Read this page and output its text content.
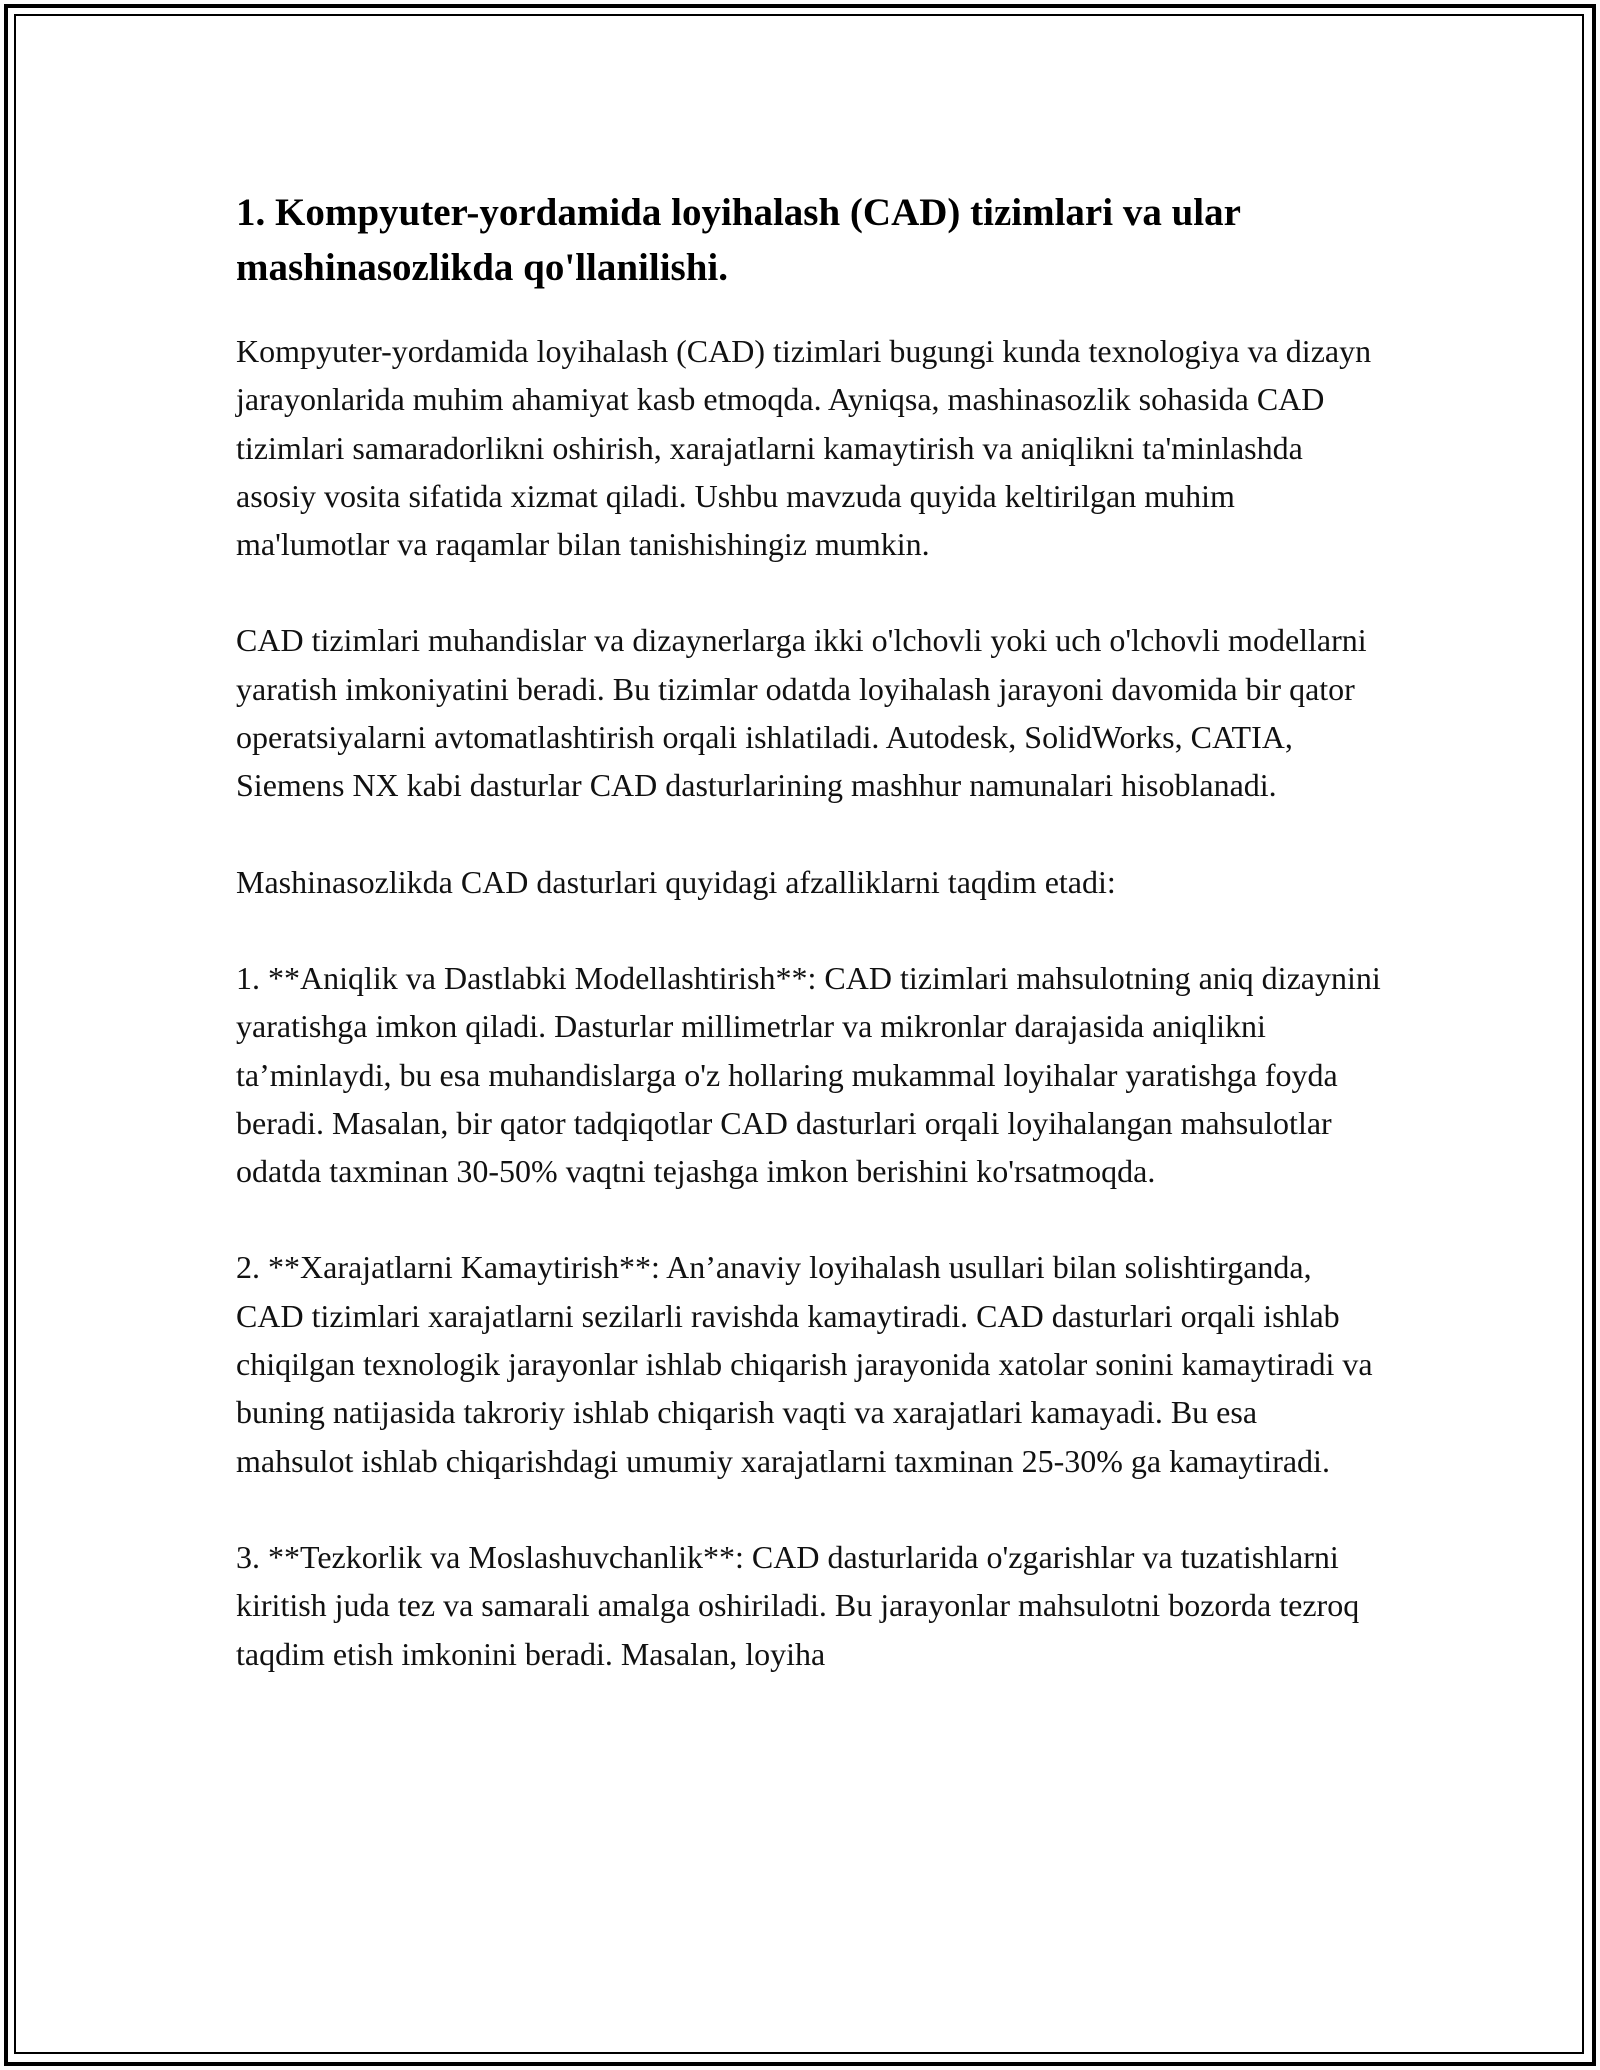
1. Kompyuter-yordamida loyihalash (CAD) tizimlari va ular mashinasozlikda qo'llanilishi.

Kompyuter-yordamida loyihalash (CAD) tizimlari bugungi kunda texnologiya va dizayn jarayonlarida muhim ahamiyat kasb etmoqda. Ayniqsa, mashinasozlik sohasida CAD tizimlari samaradorlikni oshirish, xarajatlarni kamaytirish va aniqlikni ta'minlashda asosiy vosita sifatida xizmat qiladi. Ushbu mavzuda quyida keltirilgan muhim ma'lumotlar va raqamlar bilan tanishishingiz mumkin.

CAD tizimlari muhandislar va dizaynerlarga ikki o'lchovli yoki uch o'lchovli modellarni yaratish imkoniyatini beradi. Bu tizimlar odatda loyihalash jarayoni davomida bir qator operatsiyalarni avtomatlashtirish orqali ishlatiladi. Autodesk, SolidWorks, CATIA, Siemens NX kabi dasturlar CAD dasturlarining mashhur namunalari hisoblanadi.

Mashinasozlikda CAD dasturlari quyidagi afzalliklarni taqdim etadi:

1. **Aniqlik va Dastlabki Modellashtirish**: CAD tizimlari mahsulotning aniq dizaynini yaratishga imkon qiladi. Dasturlar millimetrlar va mikronlar darajasida aniqlikni ta’minlaydi, bu esa muhandislarga o'z hollaring mukammal loyihalar yaratishga foyda beradi. Masalan, bir qator tadqiqotlar CAD dasturlari orqali loyihalangan mahsulotlar odatda taxminan 30-50% vaqtni tejashga imkon berishini ko'rsatmoqda.

2. **Xarajatlarni Kamaytirish**: An’anaviy loyihalash usullari bilan solishtirganda, CAD tizimlari xarajatlarni sezilarli ravishda kamaytiradi. CAD dasturlari orqali ishlab chiqilgan texnologik jarayonlar ishlab chiqarish jarayonida xatolar sonini kamaytiradi va buning natijasida takroriy ishlab chiqarish vaqti va xarajatlari kamayadi. Bu esa mahsulot ishlab chiqarishdagi umumiy xarajatlarni taxminan 25-30% ga kamaytiradi.

3. **Tezkorlik va Moslashuvchanlik**: CAD dasturlarida o'zgarishlar va tuzatishlarni kiritish juda tez va samarali amalga oshiriladi. Bu jarayonlar mahsulotni bozorda tezroq taqdim etish imkonini beradi. Masalan, loyiha
